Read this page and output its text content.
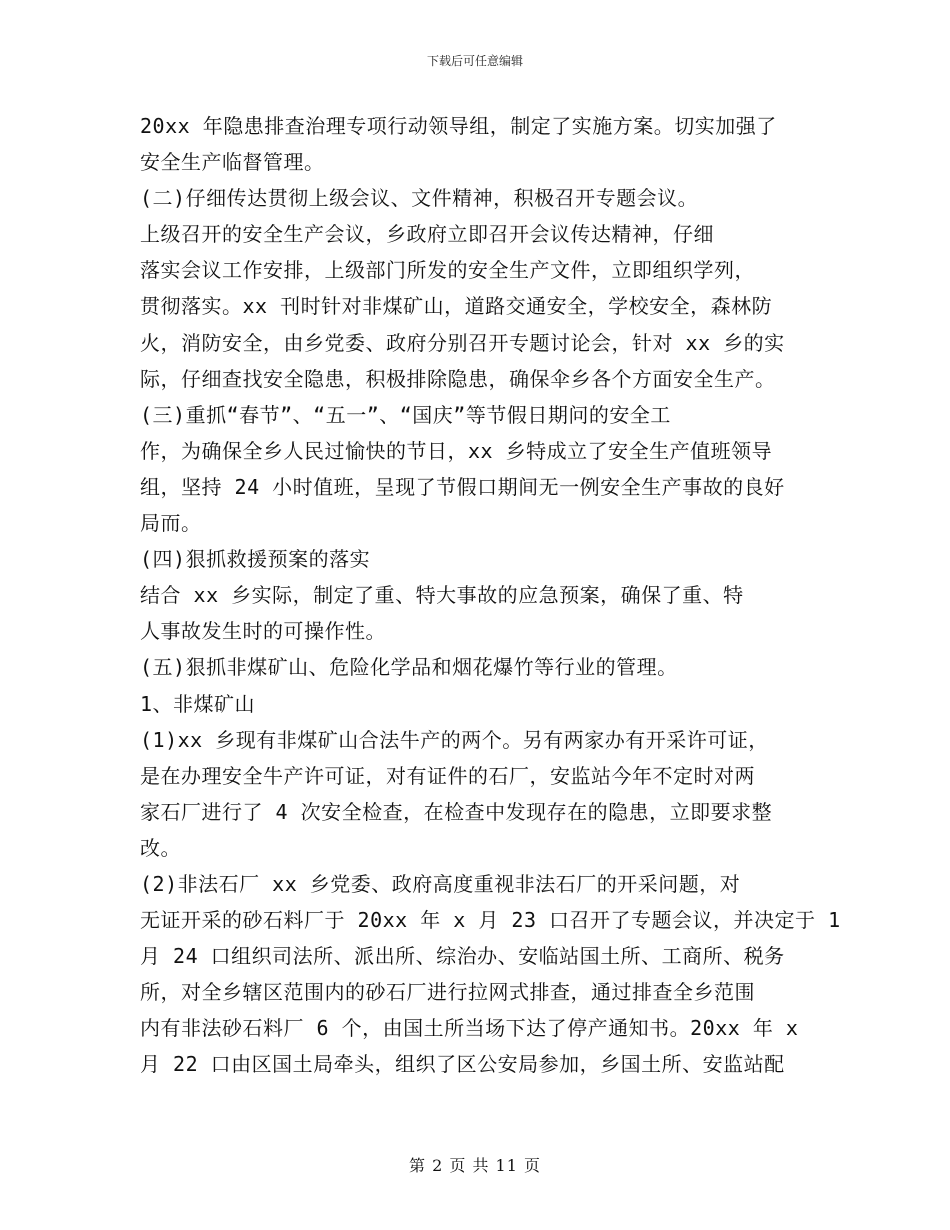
下载后可任意编辑
20xx 年隐患排查治理专项行动领导组，制定了实施方案。切实加强了
安全生产临督管理。
(二)仔细传达贯彻上级会议、文件精神，积极召开专题会议。
上级召开的安全生产会议，乡政府立即召开会议传达精神，仔细
落实会议工作安排，上级部门所发的安全生产文件，立即组织学列，
贯彻落实。xx 刊时针对非煤矿山，道路交通安全，学校安全，森林防
火，消防安全，由乡党委、政府分别召开专题讨论会，针对 xx 乡的实
际，仔细查找安全隐患，积极排除隐患，确保伞乡各个方面安全生产。
(三)重抓“春节”、“五一”、“国庆”等节假日期问的安全工
作，为确保全乡人民过愉快的节日，xx 乡特成立了安全生产值班领导
组，坚持 24 小时值班，呈现了节假口期间无一例安全生产事故的良好
局而。
(四)狠抓救援预案的落实
结合 xx 乡实际，制定了重、特大事故的应急预案，确保了重、特
人事故发生时的可操作性。
(五)狠抓非煤矿山、危险化学品和烟花爆竹等行业的管理。
1、非煤矿山
(1)xx 乡现有非煤矿山合法牛产的两个。另有两家办有开采许可证，
是在办理安全牛产许可证，对有证件的石厂，安监站今年不定时对两
家石厂进行了 4 次安全检查，在检查中发现存在的隐患，立即要求整
改。
(2)非法石厂 xx 乡党委、政府高度重视非法石厂的开采问题，对
无证开采的砂石料厂于 20xx 年 x 月 23 口召开了专题会议，并决定于 1
月 24 口组织司法所、派出所、综治办、安临站国土所、工商所、税务
所，对全乡辖区范围内的砂石厂进行拉网式排查，通过排查全乡范围
内有非法砂石料厂 6 个，由国土所当场下达了停产通知书。20xx 年 x
月 22 口由区国土局牵头，组织了区公安局参加，乡国土所、安监站配
第 2 页 共 11 页
